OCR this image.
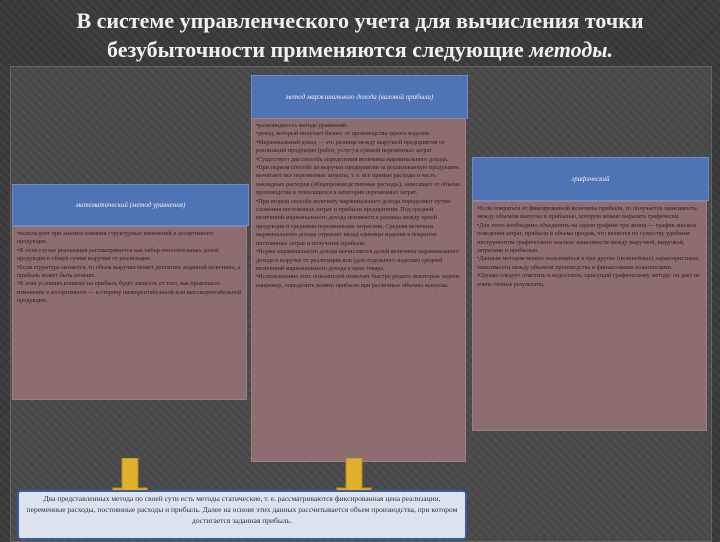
В системе управленческого учета для вычисления точки
безубыточности применяются следующие методы.
метод маржинального дохода (валовой прибыли)
математический (метод уравнения)
графический
•используют при анализе влияния структурных изменений в ассортименте продукции.
•В этом случае реализация рассматривается как набор относительных долей продукции в общей сумме выручки от реализации.
•Если структура меняется, то объем выручки может достигать заданной величины, а прибыль может быть меньше.
•В этих условиях влияние на прибыль будет зависеть от того, как произошло изменение в ассортименте — в сторону низкорентабельной или высокорентабельной продукции.
•разновидность метода уравнений.
•доход, который получает бизнес от производства одного изделия.
•Маржинальный доход — это разница между выручкой предприятия от реализации продукции (работ, услуг) и суммой переменных затрат.
•Существует два способа определения величины маржинального дохода.
•При первом способе из выручки предприятия за реализованную продукцию вычитают все переменные затраты, т. е. все прямые расходы и часть накладных расходов (общепроизводственные расходы), зависящих от объема производства и относящихся к категории переменных затрат.
•При втором способе величину маржинального дохода определяют путем сложения постоянных затрат и прибыли предприятия. Под средней величиной маржинального дохода понимается разница между ценой продукции и средними переменными затратами. Средняя величина маржинального дохода отражает вклад единицы изделия в покрытие постоянных затрат и получение прибыли.
•Норма маржинального дохода вычисляется долей величины маржинального дохода в выручке от реализации или (для отдельного изделия) средней величиной маржинального дохода в цене товара.
•Использование этих показателей помогает быстро решать некоторые задачи: например, определить размер прибыли при различных объемах выпуска.
•Если опираться от фиксированной величины прибыли, то получается зависимость между объемом выпуска и прибылью, которую можно выразить графически.
•Для этого необходимо объединить на одном графике три линии — график анализа поведения затрат, прибыли и объема продаж, что является по существу удобным инструментом графического анализа зависимости между выручкой, выручкой, затратами и прибылью.
•Данным методом можно пользоваться и при других (нелинейных) характеристиках зависимости между объемом производства и финансовыми показателями.
•Однако следует отметить и недостаток, присущий графическому методу: он дает не очень точные результаты.
Два представленных метода по своей сути есть методы статические, т. е. рассматриваются фиксированная цена реализации, переменные расходы, постоянные расходы и прибыль. Далее на основе этих данных рассчитывается объем производства, при котором достигается заданная прибыль.
